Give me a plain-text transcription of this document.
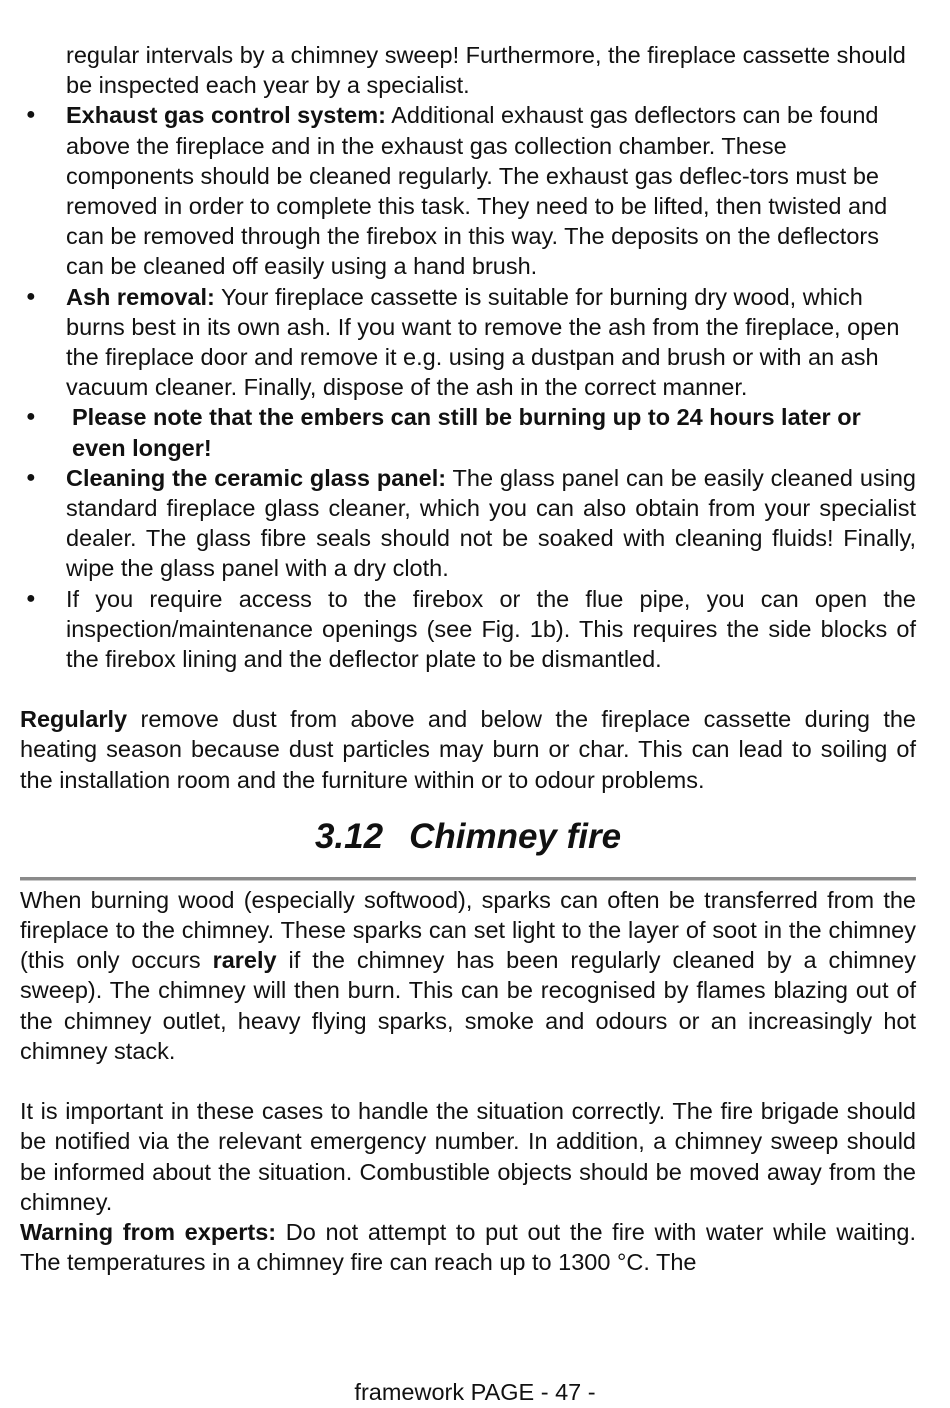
regular intervals by a chimney sweep! Furthermore, the fireplace cassette should be inspected each year by a specialist.

● Exhaust gas control system: Additional exhaust gas deflectors can be found above the fireplace and in the exhaust gas collection chamber. These components should be cleaned regularly. The exhaust gas deflec-tors must be removed in order to complete this task. They need to be lifted, then twisted and can be removed through the firebox in this way. The deposits on the deflectors can be cleaned off easily using a hand brush.
● Ash removal: Your fireplace cassette is suitable for burning dry wood, which burns best in its own ash. If you want to remove the ash from the fireplace, open the fireplace door and remove it e.g. using a dustpan and brush or with an ash vacuum cleaner. Finally, dispose of the ash in the correct manner.
● Please note that the embers can still be burning up to 24 hours later or even longer!
● Cleaning the ceramic glass panel: The glass panel can be easily cleaned using standard fireplace glass cleaner, which you can also obtain from your specialist dealer. The glass fibre seals should not be soaked with cleaning fluids! Finally, wipe the glass panel with a dry cloth.
● If you require access to the firebox or the flue pipe, you can open the inspection/maintenance openings (see Fig. 1b). This requires the side blocks of the firebox lining and the deflector plate to be dismantled.

Regularly remove dust from above and below the fireplace cassette during the heating season because dust particles may burn or char. This can lead to soiling of the installation room and the furniture within or to odour problems.

3.12 Chimney fire

When burning wood (especially softwood), sparks can often be transferred from the fireplace to the chimney. These sparks can set light to the layer of soot in the chimney (this only occurs rarely if the chimney has been regularly cleaned by a chimney sweep). The chimney will then burn. This can be recognised by flames blazing out of the chimney outlet, heavy flying sparks, smoke and odours or an increasingly hot chimney stack.

It is important in these cases to handle the situation correctly. The fire brigade should be notified via the relevant emergency number. In addition, a chimney sweep should be informed about the situation. Combustible objects should be moved away from the chimney.

Warning from experts: Do not attempt to put out the fire with water while waiting. The temperatures in a chimney fire can reach up to 1300 °C. The

framework PAGE - 47 -
